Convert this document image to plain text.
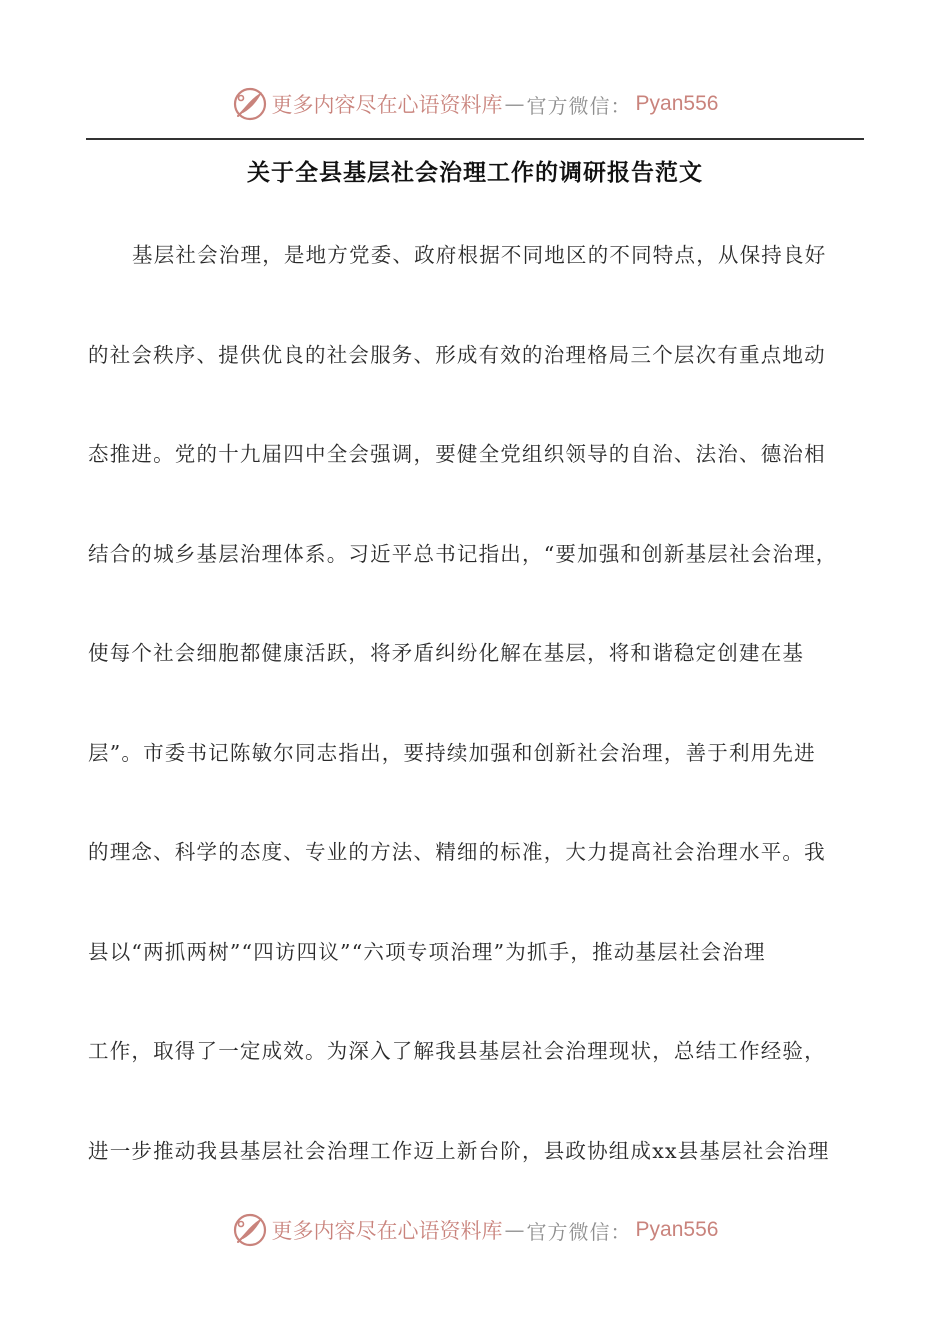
更多内容尽在心语资料库 — 官方微信： Pyan556
关于全县基层社会治理工作的调研报告范文
基层社会治理，是地方党委、政府根据不同地区的不同特点，从保持良好
的社会秩序、提供优良的社会服务、形成有效的治理格局三个层次有重点地动
态推进。党的十九届四中全会强调，要健全党组织领导的自治、法治、德治相
结合的城乡基层治理体系。习近平总书记指出，“要加强和创新基层社会治理，
使每个社会细胞都健康活跃，将矛盾纠纷化解在基层，将和谐稳定创建在基
层”。市委书记陈敏尔同志指出，要持续加强和创新社会治理，善于利用先进
的理念、科学的态度、专业的方法、精细的标准，大力提高社会治理水平。我
县以“两抓两树”“四访四议”“六项专项治理”为抓手，推动基层社会治理
工作，取得了一定成效。为深入了解我县基层社会治理现状，总结工作经验，
进一步推动我县基层社会治理工作迈上新台阶，县政协组成xx县基层社会治理
更多内容尽在心语资料库 — 官方微信： Pyan556
